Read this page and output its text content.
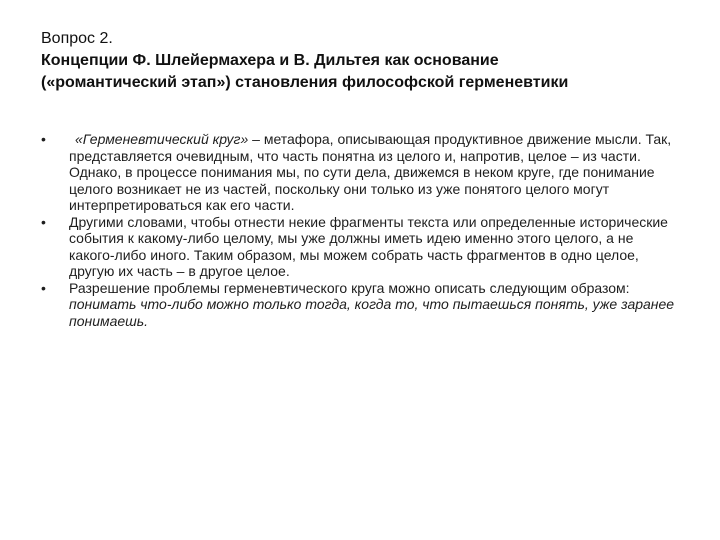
Вопрос 2.
Концепции Ф. Шлейермахера и В. Дильтея как основание
(«романтический этап») становления философской герменевтики
•	«Герменевтический круг» – метафора, описывающая продуктивное движение мысли. Так, представляется очевидным, что часть понятна из целого и, напротив, целое – из части. Однако, в процессе понимания мы, по сути дела, движемся в неком круге, где понимание целого возникает не из частей, поскольку они только из уже понятого целого могут интерпретироваться как его части.
•	Другими словами, чтобы отнести некие фрагменты текста или определенные исторические события к какому-либо целому, мы уже должны иметь идею именно этого целого, а не какого-либо иного. Таким образом, мы можем собрать часть фрагментов в одно целое, другую их часть – в другое целое.
•	Разрешение проблемы герменевтического круга можно описать следующим образом: понимать что-либо можно только тогда, когда то, что пытаешься понять, уже заранее понимаешь.
